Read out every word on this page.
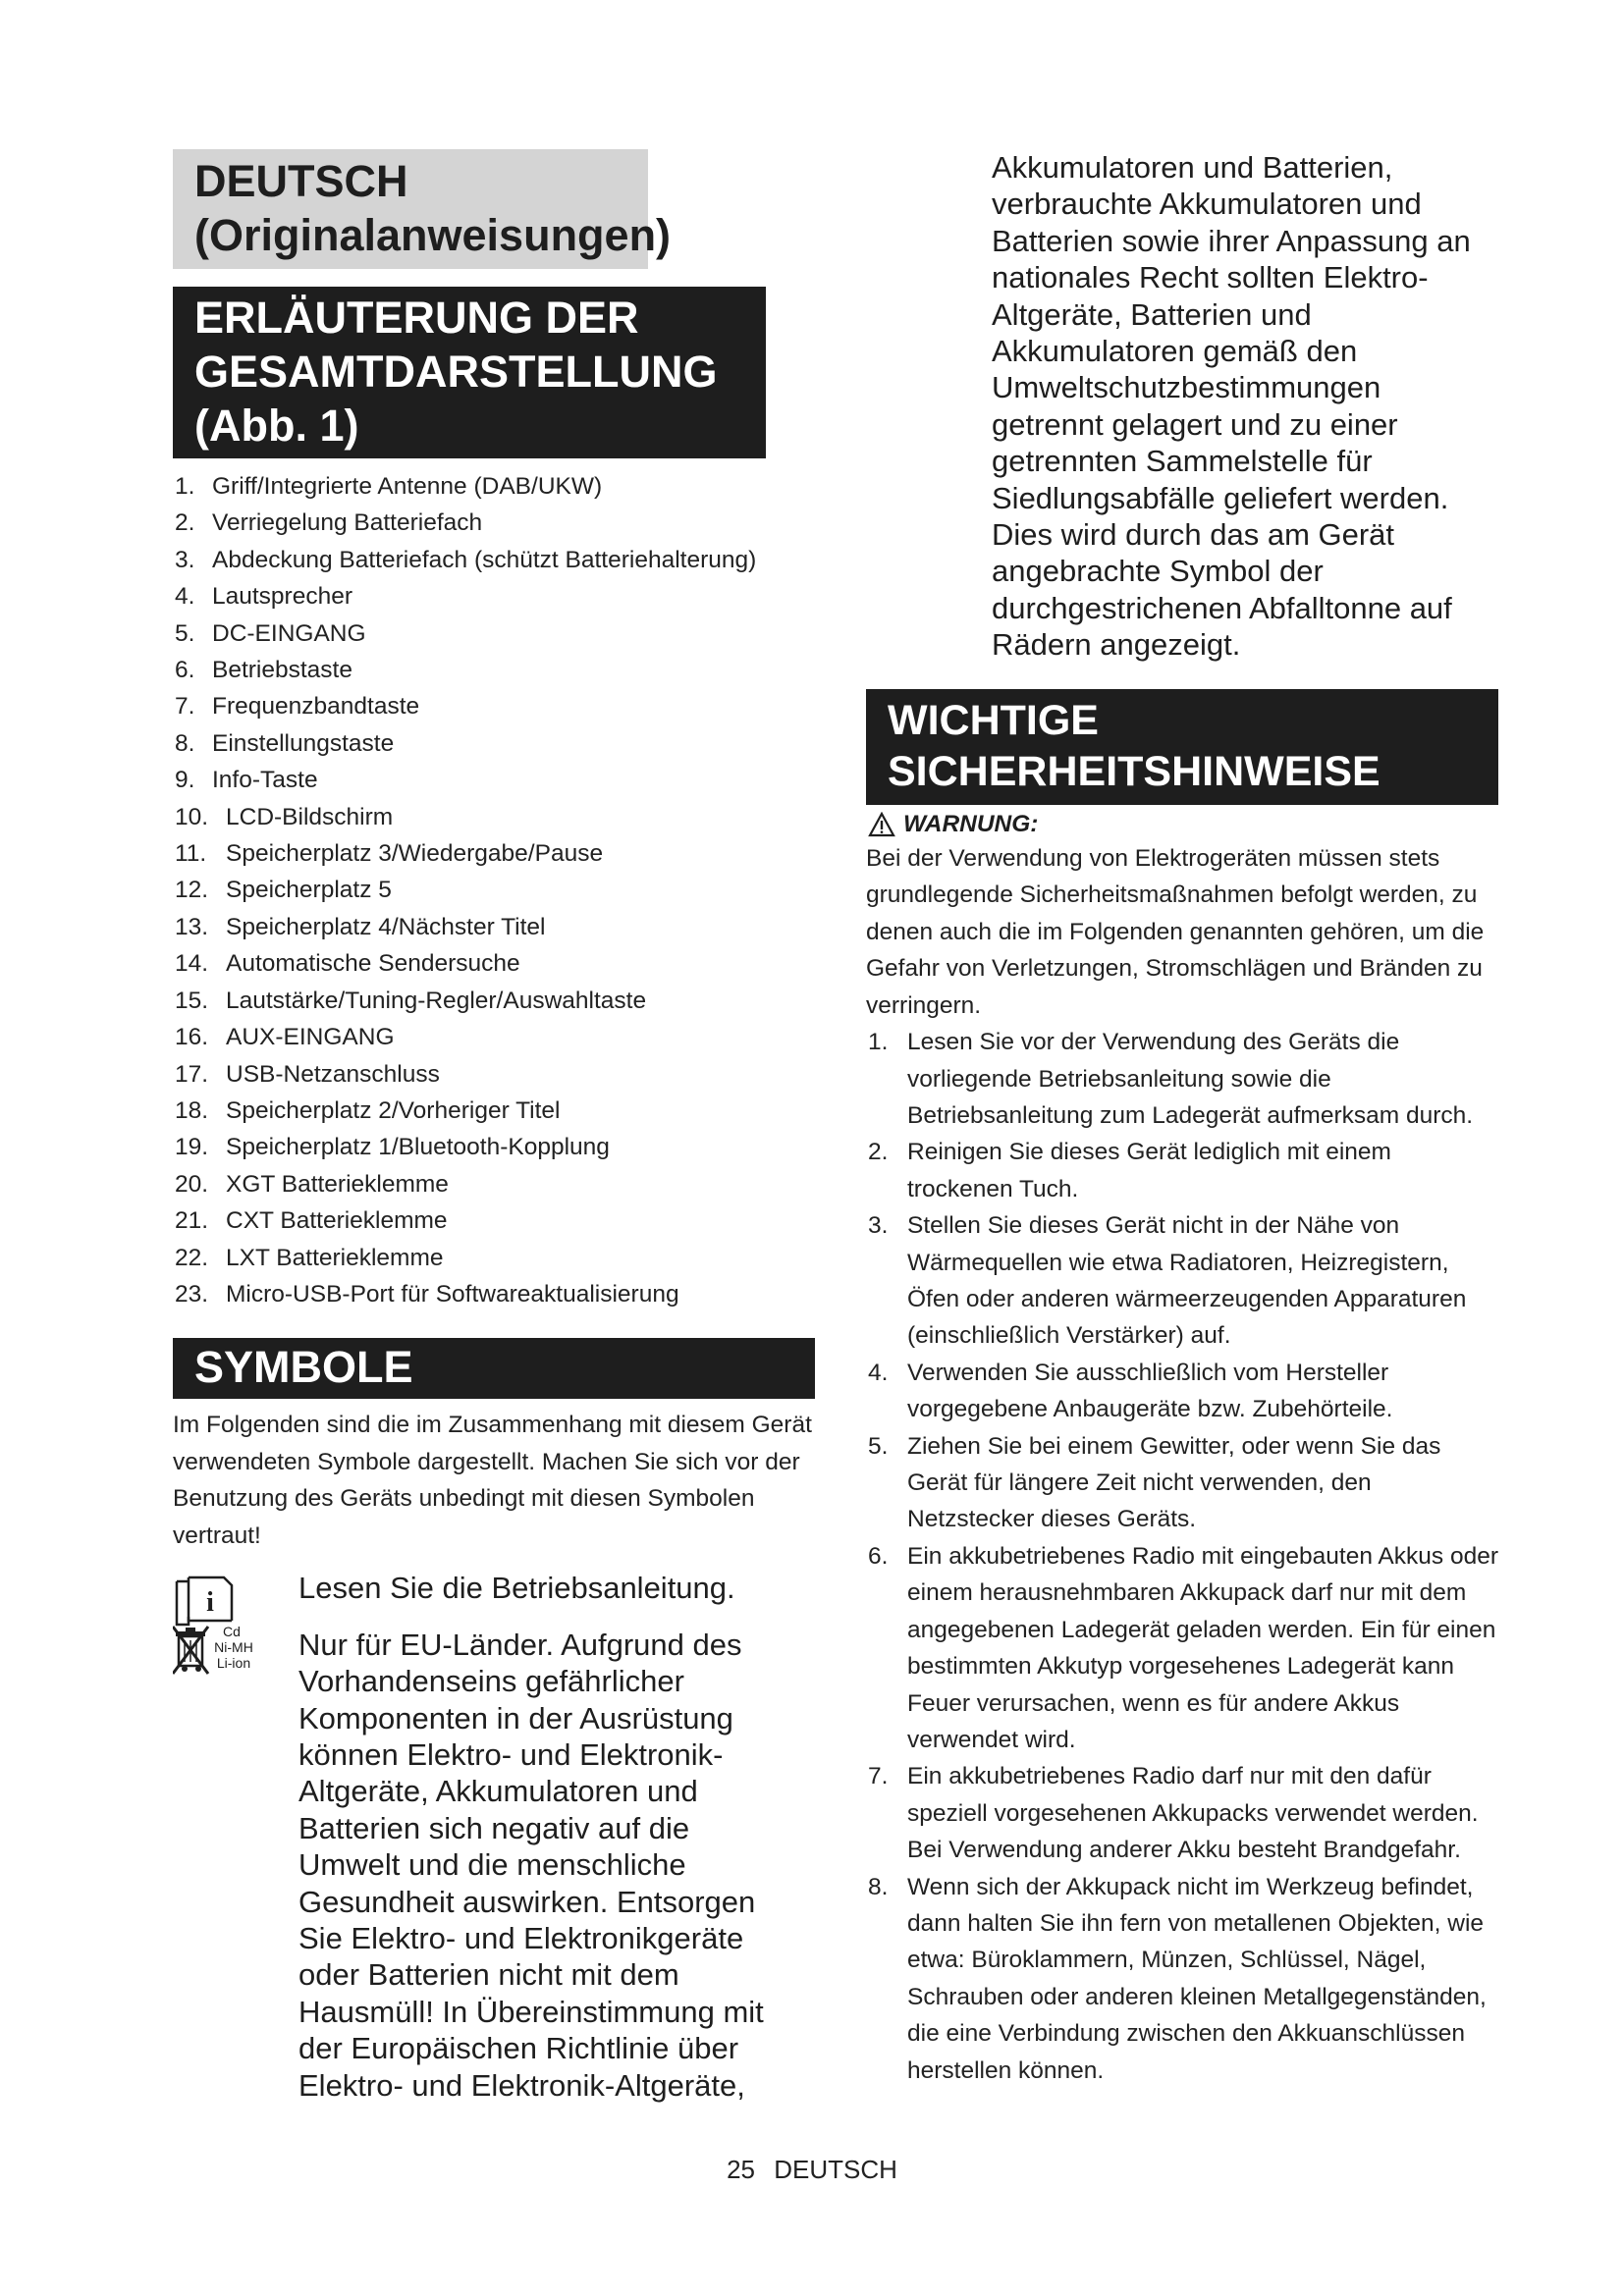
DEUTSCH (Originalanweisungen)
ERLÄUTERUNG DER GESAMTDARSTELLUNG (Abb. 1)
1. Griff/Integrierte Antenne (DAB/UKW)
2. Verriegelung Batteriefach
3. Abdeckung Batteriefach (schützt Batteriehalterung)
4. Lautsprecher
5. DC-EINGANG
6. Betriebstaste
7. Frequenzbandtaste
8. Einstellungstaste
9. Info-Taste
10. LCD-Bildschirm
11. Speicherplatz 3/Wiedergabe/Pause
12. Speicherplatz 5
13. Speicherplatz 4/Nächster Titel
14. Automatische Sendersuche
15. Lautstärke/Tuning-Regler/Auswahltaste
16. AUX-EINGANG
17. USB-Netzanschluss
18. Speicherplatz 2/Vorheriger Titel
19. Speicherplatz 1/Bluetooth-Kopplung
20. XGT Batterieklemme
21. CXT Batterieklemme
22. LXT Batterieklemme
23. Micro-USB-Port für Softwareaktualisierung
SYMBOLE

Im Folgenden sind die im Zusammenhang mit diesem Gerät verwendeten Symbole dargestellt. Machen Sie sich vor der Benutzung des Geräts unbedingt mit diesen Symbolen vertraut!

i	Lesen Sie die Betriebsanleitung.
Cd
Ni-MH
Li-ion
Nur für EU-Länder. Aufgrund des Vorhandenseins gefährlicher Komponenten in der Ausrüstung können Elektro- und Elektronik-Altgeräte, Akkumulatoren und Batterien sich negativ auf die Umwelt und die menschliche Gesundheit auswirken. Entsorgen Sie Elektro- und Elektronikgeräte oder Batterien nicht mit dem Hausmüll! In Übereinstimmung mit der Europäischen Richtlinie über Elektro- und Elektronik-Altgeräte,

Akkumulatoren und Batterien, verbrauchte Akkumulatoren und Batterien sowie ihrer Anpassung an nationales Recht sollten Elektro-Altgeräte, Batterien und Akkumulatoren gemäß den Umweltschutzbestimmungen getrennt gelagert und zu einer getrennten Sammelstelle für Siedlungsabfälle geliefert werden. Dies wird durch das am Gerät angebrachte Symbol der durchgestrichenen Abfalltonne auf Rädern angezeigt.

WICHTIGE SICHERHEITSHINWEISE
WARNUNG:

Bei der Verwendung von Elektrogeräten müssen stets grundlegende Sicherheitsmaßnahmen befolgt werden, zu denen auch die im Folgenden genannten gehören, um die Gefahr von Verletzungen, Stromschlägen und Bränden zu verringern.

1. Lesen Sie vor der Verwendung des Geräts die vorliegende Betriebsanleitung sowie die Betriebsanleitung zum Ladegerät aufmerksam durch.
2. Reinigen Sie dieses Gerät lediglich mit einem trockenen Tuch.
3. Stellen Sie dieses Gerät nicht in der Nähe von Wärmequellen wie etwa Radiatoren, Heizregistern, Öfen oder anderen wärmeerzeugenden Apparaturen (einschließlich Verstärker) auf.
4. Verwenden Sie ausschließlich vom Hersteller vorgegebene Anbaugeräte bzw. Zubehörteile.
5. Ziehen Sie bei einem Gewitter, oder wenn Sie das Gerät für längere Zeit nicht verwenden, den Netzstecker dieses Geräts.
6. Ein akkubetriebenes Radio mit eingebauten Akkus oder einem herausnehmbaren Akkupack darf nur mit dem angegebenen Ladegerät geladen werden. Ein für einen bestimmten Akkutyp vorgesehenes Ladegerät kann Feuer verursachen, wenn es für andere Akkus verwendet wird.
7. Ein akkubetriebenes Radio darf nur mit den dafür speziell vorgesehenen Akkupacks verwendet werden. Bei Verwendung anderer Akku besteht Brandgefahr.
8. Wenn sich der Akkupack nicht im Werkzeug befindet, dann halten Sie ihn fern von metallenen Objekten, wie etwa: Büroklammern, Münzen, Schlüssel, Nägel, Schrauben oder anderen kleinen Metallgegenständen, die eine Verbindung zwischen den Akkuanschlüssen herstellen können.
25 DEUTSCH
